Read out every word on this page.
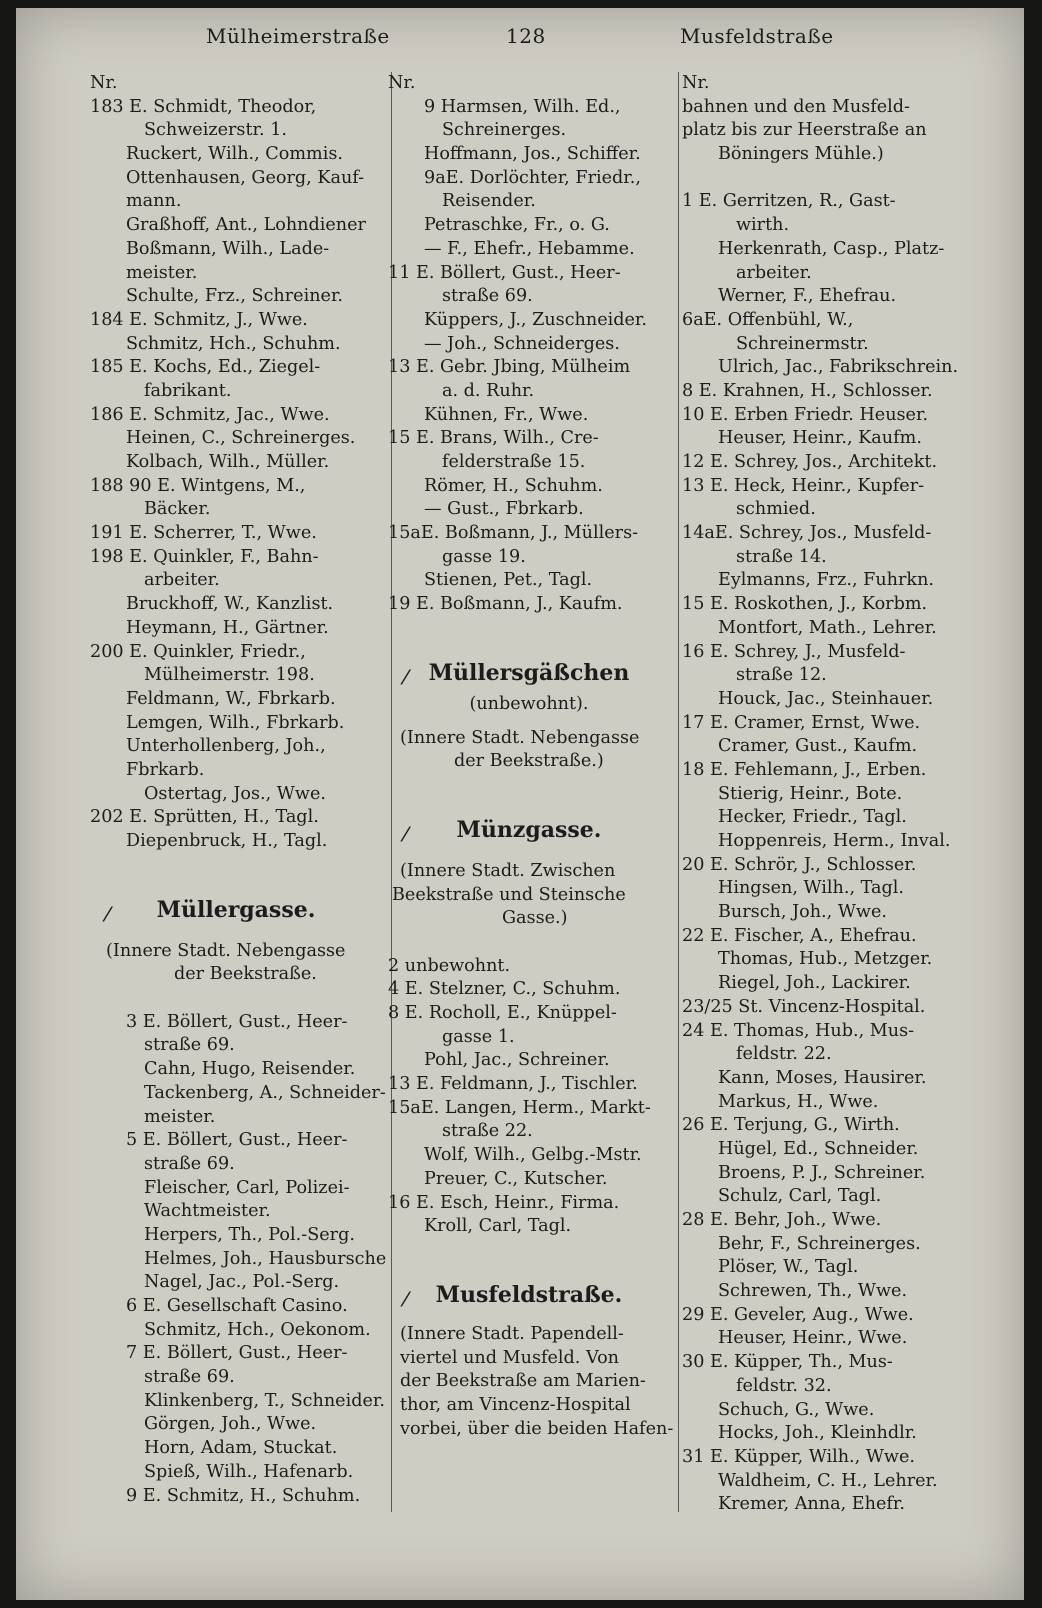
Mülheimerstraße	128	Musfeldstraße
Nr.
183 E. Schmidt, Theodor,
Schweizerstr. 1.
Ruckert, Wilh., Commis.
Ottenhausen, Georg, Kauf-
mann.
Graßhoff, Ant., Lohndiener
Boßmann, Wilh., Lade-
meister.
Schulte, Frz., Schreiner.
184 E. Schmitz, J., Wwe.
Schmitz, Hch., Schuhm.
185 E. Kochs, Ed., Ziegel-
fabrikant.
186 E. Schmitz, Jac., Wwe.
Heinen, C., Schreinerges.
Kolbach, Wilh., Müller.
188 90 E. Wintgens, M.,
Bäcker.
191 E. Scherrer, T., Wwe.
198 E. Quinkler, F., Bahn-
arbeiter.
Bruckhoff, W., Kanzlist.
Heymann, H., Gärtner.
200 E. Quinkler, Friedr.,
Mülheimerstr. 198.
Feldmann, W., Fbrkarb.
Lemgen, Wilh., Fbrkarb.
Unterhollenberg, Joh.,
Fbrkarb.
Ostertag, Jos., Wwe.
202 E. Sprütten, H., Tagl.
Diepenbruck, H., Tagl.
⁄ Müllergasse.
(Innere Stadt. Nebengasse
der Beekstraße.
3 E. Böllert, Gust., Heer-
straße 69.
Cahn, Hugo, Reisender.
Tackenberg, A., Schneider-
meister.
5 E. Böllert, Gust., Heer-
straße 69.
Fleischer, Carl, Polizei-
Wachtmeister.
Herpers, Th., Pol.-Serg.
Helmes, Joh., Hausbursche
Nagel, Jac., Pol.-Serg.
6 E. Gesellschaft Casino.
Schmitz, Hch., Oekonom.
7 E. Böllert, Gust., Heer-
straße 69.
Klinkenberg, T., Schneider.
Görgen, Joh., Wwe.
Horn, Adam, Stuckat.
Spieß, Wilh., Hafenarb.
9 E. Schmitz, H., Schuhm.
Nr.
9 Harmsen, Wilh. Ed.,
Schreinerges.
Hoffmann, Jos., Schiffer.
9aE. Dorlöchter, Friedr.,
Reisender.
Petraschke, Fr., o. G.
— F., Ehefr., Hebamme.
11 E. Böllert, Gust., Heer-
straße 69.
Küppers, J., Zuschneider.
— Joh., Schneiderges.
13 E. Gebr. Jbing, Mülheim
a. d. Ruhr.
Kühnen, Fr., Wwe.
15 E. Brans, Wilh., Cre-
felderstraße 15.
Römer, H., Schuhm.
— Gust., Fbrkarb.
15aE. Boßmann, J., Müllers-
gasse 19.
Stienen, Pet., Tagl.
19 E. Boßmann, J., Kaufm.
⁄ Müllersgäßchen
(unbewohnt).
(Innere Stadt. Nebengasse
der Beekstraße.)
⁄ Münzgasse.
(Innere Stadt. Zwischen
Beekstraße und Steinsche
Gasse.)
2 unbewohnt.
4 E. Stelzner, C., Schuhm.
8 E. Rocholl, E., Knüppel-
gasse 1.
Pohl, Jac., Schreiner.
13 E. Feldmann, J., Tischler.
15aE. Langen, Herm., Markt-
straße 22.
Wolf, Wilh., Gelbg.-Mstr.
Preuer, C., Kutscher.
16 E. Esch, Heinr., Firma.
Kroll, Carl, Tagl.
⁄ Musfeldstraße.
(Innere Stadt. Papendell-
viertel und Musfeld. Von
der Beekstraße am Marien-
thor, am Vincenz-Hospital
vorbei, über die beiden Hafen-
Nr.
bahnen und den Musfeld-
platz bis zur Heerstraße an
Böningers Mühle.)
1 E. Gerritzen, R., Gast-
wirth.
Herkenrath, Casp., Platz-
arbeiter.
Werner, F., Ehefrau.
6aE. Offenbühl, W.,
Schreinermstr.
Ulrich, Jac., Fabrikschrein.
8 E. Krahnen, H., Schlosser.
10 E. Erben Friedr. Heuser.
Heuser, Heinr., Kaufm.
12 E. Schrey, Jos., Architekt.
13 E. Heck, Heinr., Kupfer-
schmied.
14aE. Schrey, Jos., Musfeld-
straße 14.
Eylmanns, Frz., Fuhrkn.
15 E. Roskothen, J., Korbm.
Montfort, Math., Lehrer.
16 E. Schrey, J., Musfeld-
straße 12.
Houck, Jac., Steinhauer.
17 E. Cramer, Ernst, Wwe.
Cramer, Gust., Kaufm.
18 E. Fehlemann, J., Erben.
Stierig, Heinr., Bote.
Hecker, Friedr., Tagl.
Hoppenreis, Herm., Inval.
20 E. Schrör, J., Schlosser.
Hingsen, Wilh., Tagl.
Bursch, Joh., Wwe.
22 E. Fischer, A., Ehefrau.
Thomas, Hub., Metzger.
Riegel, Joh., Lackirer.
23/25 St. Vincenz-Hospital.
24 E. Thomas, Hub., Mus-
feldstr. 22.
Kann, Moses, Hausirer.
Markus, H., Wwe.
26 E. Terjung, G., Wirth.
Hügel, Ed., Schneider.
Broens, P. J., Schreiner.
Schulz, Carl, Tagl.
28 E. Behr, Joh., Wwe.
Behr, F., Schreinerges.
Plöser, W., Tagl.
Schrewen, Th., Wwe.
29 E. Geveler, Aug., Wwe.
Heuser, Heinr., Wwe.
30 E. Küpper, Th., Mus-
feldstr. 32.
Schuch, G., Wwe.
Hocks, Joh., Kleinhdlr.
31 E. Küpper, Wilh., Wwe.
Waldheim, C. H., Lehrer.
Kremer, Anna, Ehefr.
